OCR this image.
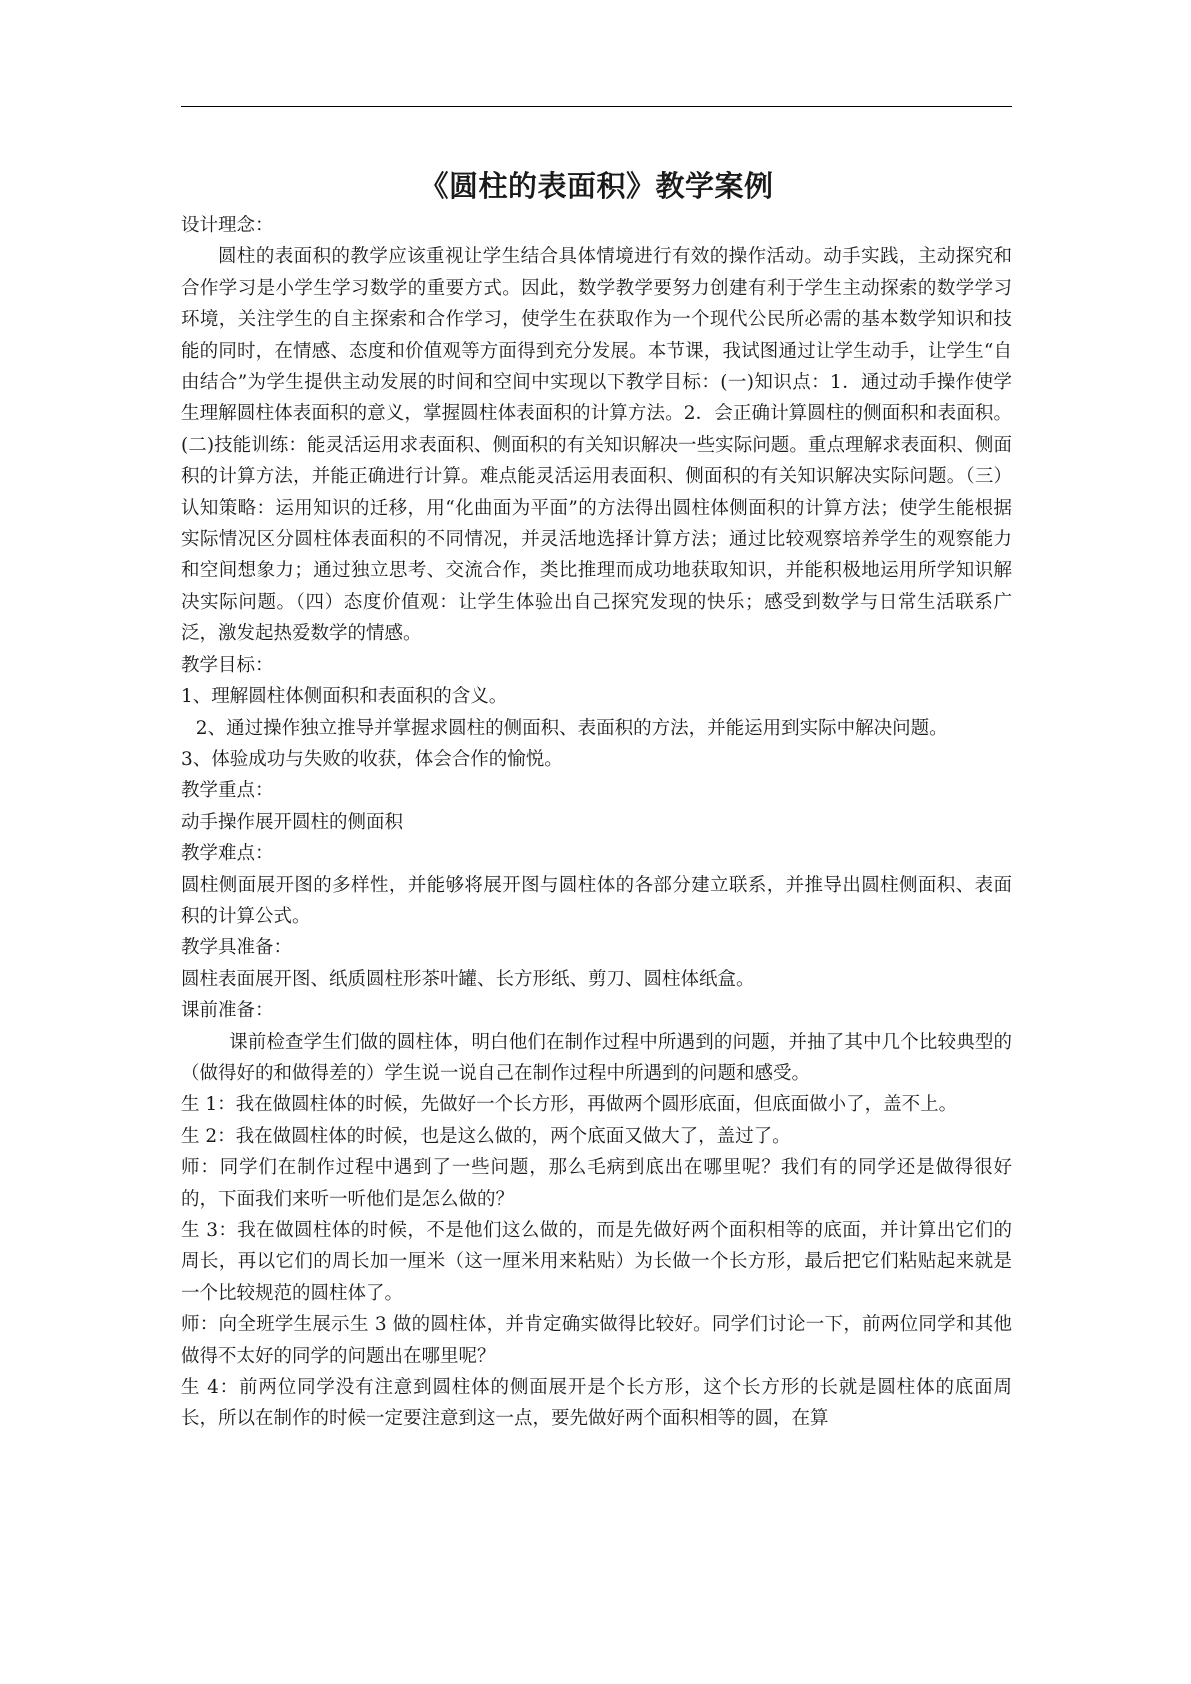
《圆柱的表面积》教学案例

设计理念：

圆柱的表面积的教学应该重视让学生结合具体情境进行有效的操作活动。动手实践，主动探究和合作学习是小学生学习数学的重要方式。因此，数学教学要努力创建有利于学生主动探索的数学学习环境，关注学生的自主探索和合作学习，使学生在获取作为一个现代公民所必需的基本数学知识和技能的同时，在情感、态度和价值观等方面得到充分发展。本节课，我试图通过让学生动手，让学生“自由结合”为学生提供主动发展的时间和空间中实现以下教学目标：(一)知识点：1．通过动手操作使学生理解圆柱体表面积的意义，掌握圆柱体表面积的计算方法。2．会正确计算圆柱的侧面积和表面积。(二)技能训练：能灵活运用求表面积、侧面积的有关知识解决一些实际问题。重点理解求表面积、侧面积的计算方法，并能正确进行计算。难点能灵活运用表面积、侧面积的有关知识解决实际问题。（三）认知策略：运用知识的迁移，用“化曲面为平面”的方法得出圆柱体侧面积的计算方法；使学生能根据实际情况区分圆柱体表面积的不同情况，并灵活地选择计算方法；通过比较观察培养学生的观察能力和空间想象力；通过独立思考、交流合作，类比推理而成功地获取知识，并能积极地运用所学知识解决实际问题。（四）态度价值观：让学生体验出自己探究发现的快乐；感受到数学与日常生活联系广泛，激发起热爱数学的情感。

教学目标：

1、理解圆柱体侧面积和表面积的含义。

2、通过操作独立推导并掌握求圆柱的侧面积、表面积的方法，并能运用到实际中解决问题。

3、体验成功与失败的收获，体会合作的愉悦。

教学重点：

动手操作展开圆柱的侧面积

教学难点：

圆柱侧面展开图的多样性，并能够将展开图与圆柱体的各部分建立联系，并推导出圆柱侧面积、表面积的计算公式。

教学具准备：

圆柱表面展开图、纸质圆柱形茶叶罐、长方形纸、剪刀、圆柱体纸盒。

课前准备：

课前检查学生们做的圆柱体，明白他们在制作过程中所遇到的问题，并抽了其中几个比较典型的（做得好的和做得差的）学生说一说自己在制作过程中所遇到的问题和感受。

生 1：我在做圆柱体的时候，先做好一个长方形，再做两个圆形底面，但底面做小了，盖不上。

生 2：我在做圆柱体的时候，也是这么做的，两个底面又做大了，盖过了。

师：同学们在制作过程中遇到了一些问题，那么毛病到底出在哪里呢？我们有的同学还是做得很好的，下面我们来听一听他们是怎么做的？

生 3：我在做圆柱体的时候，不是他们这么做的，而是先做好两个面积相等的底面，并计算出它们的周长，再以它们的周长加一厘米（这一厘米用来粘贴）为长做一个长方形，最后把它们粘贴起来就是一个比较规范的圆柱体了。

师：向全班学生展示生 3 做的圆柱体，并肯定确实做得比较好。同学们讨论一下，前两位同学和其他做得不太好的同学的问题出在哪里呢？

生 4：前两位同学没有注意到圆柱体的侧面展开是个长方形，这个长方形的长就是圆柱体的底面周长，所以在制作的时候一定要注意到这一点，要先做好两个面积相等的圆，在算
